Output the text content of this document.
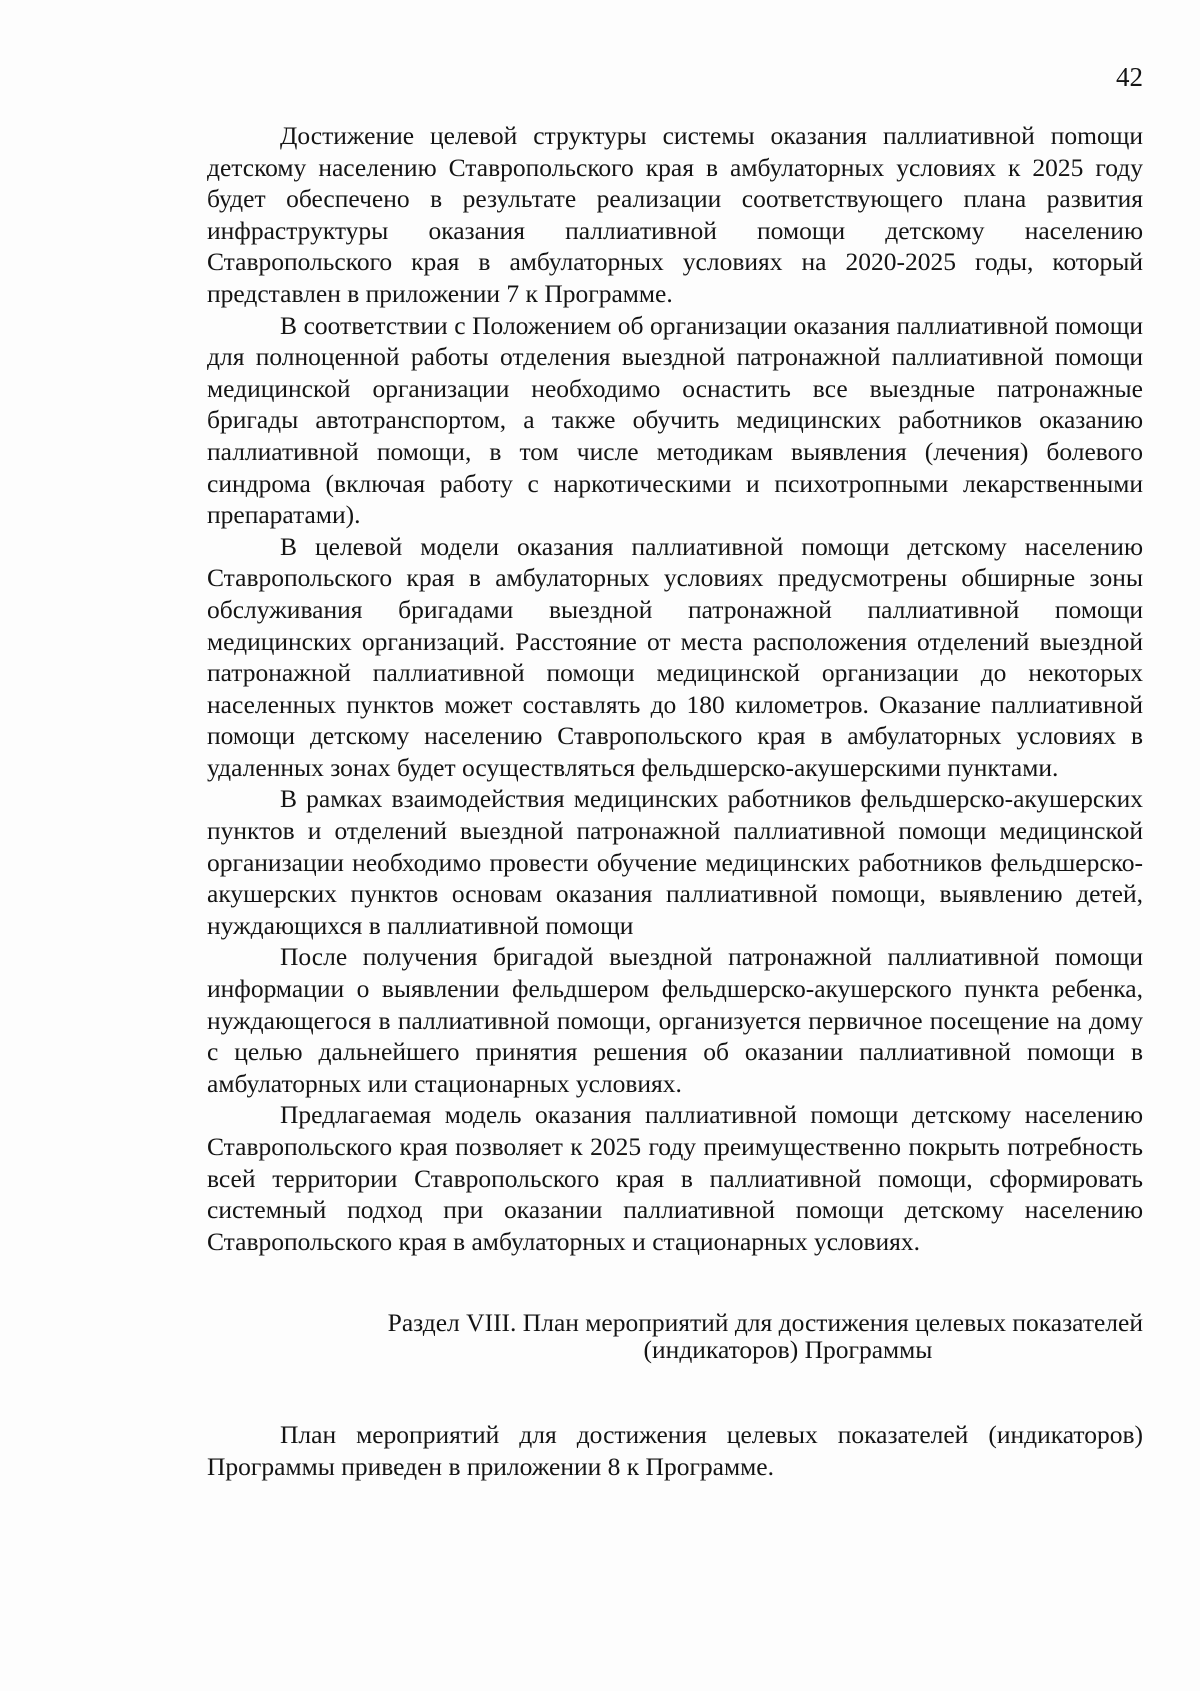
42

Достижение целевой структуры системы оказания паллиативной поmощи детскому населению Ставропольского края в амбулаторных условиях к 2025 году будет обеспечено в результате реализации соответствующего плана развития инфраструктуры оказания паллиативной помощи детскому населению Ставропольского края в амбулаторных условиях на 2020-2025 годы, который представлен в приложении 7 к Программе.

В соответствии с Положением об организации оказания паллиативной помощи для полноценной работы отделения выездной патронажной паллиативной помощи медицинской организации необходимо оснастить все выездные патронажные бригады автотранспортом, а также обучить медицинских работников оказанию паллиативной помощи, в том числе методикам выявления (лечения) болевого синдрома (включая работу с наркотическими и психотропными лекарственными препаратами).

В целевой модели оказания паллиативной помощи детскому населению Ставропольского края в амбулаторных условиях предусмотрены обширные зоны обслуживания бригадами выездной патронажной паллиативной помощи медицинских организаций. Расстояние от места расположения отделений выездной патронажной паллиативной помощи медицинской организации до некоторых населенных пунктов может составлять до 180 километров. Оказание паллиативной помощи детскому населению Ставропольского края в амбулаторных условиях в удаленных зонах будет осуществляться фельдшерско-акушерскими пунктами.

В рамках взаимодействия медицинских работников фельдшерско-акушерских пунктов и отделений выездной патронажной паллиативной помощи медицинской организации необходимо провести обучение медицинских работников фельдшерско-акушерских пунктов основам оказания паллиативной помощи, выявлению детей, нуждающихся в паллиативной помощи

После получения бригадой выездной патронажной паллиативной помощи информации о выявлении фельдшером фельдшерско-акушерского пункта ребенка, нуждающегося в паллиативной помощи, организуется первичное посещение на дому с целью дальнейшего принятия решения об оказании паллиативной помощи в амбулаторных или стационарных условиях.

Предлагаемая модель оказания паллиативной помощи детскому населению Ставропольского края позволяет к 2025 году преимущественно покрыть потребность всей территории Ставропольского края в паллиативной помощи, сформировать системный подход при оказании паллиативной помощи детскому населению Ставропольского края в амбулаторных и стационарных условиях.

Раздел VIII. План мероприятий для достижения целевых показателей
(индикаторов) Программы

План мероприятий для достижения целевых показателей (индикаторов) Программы приведен в приложении 8 к Программе.
